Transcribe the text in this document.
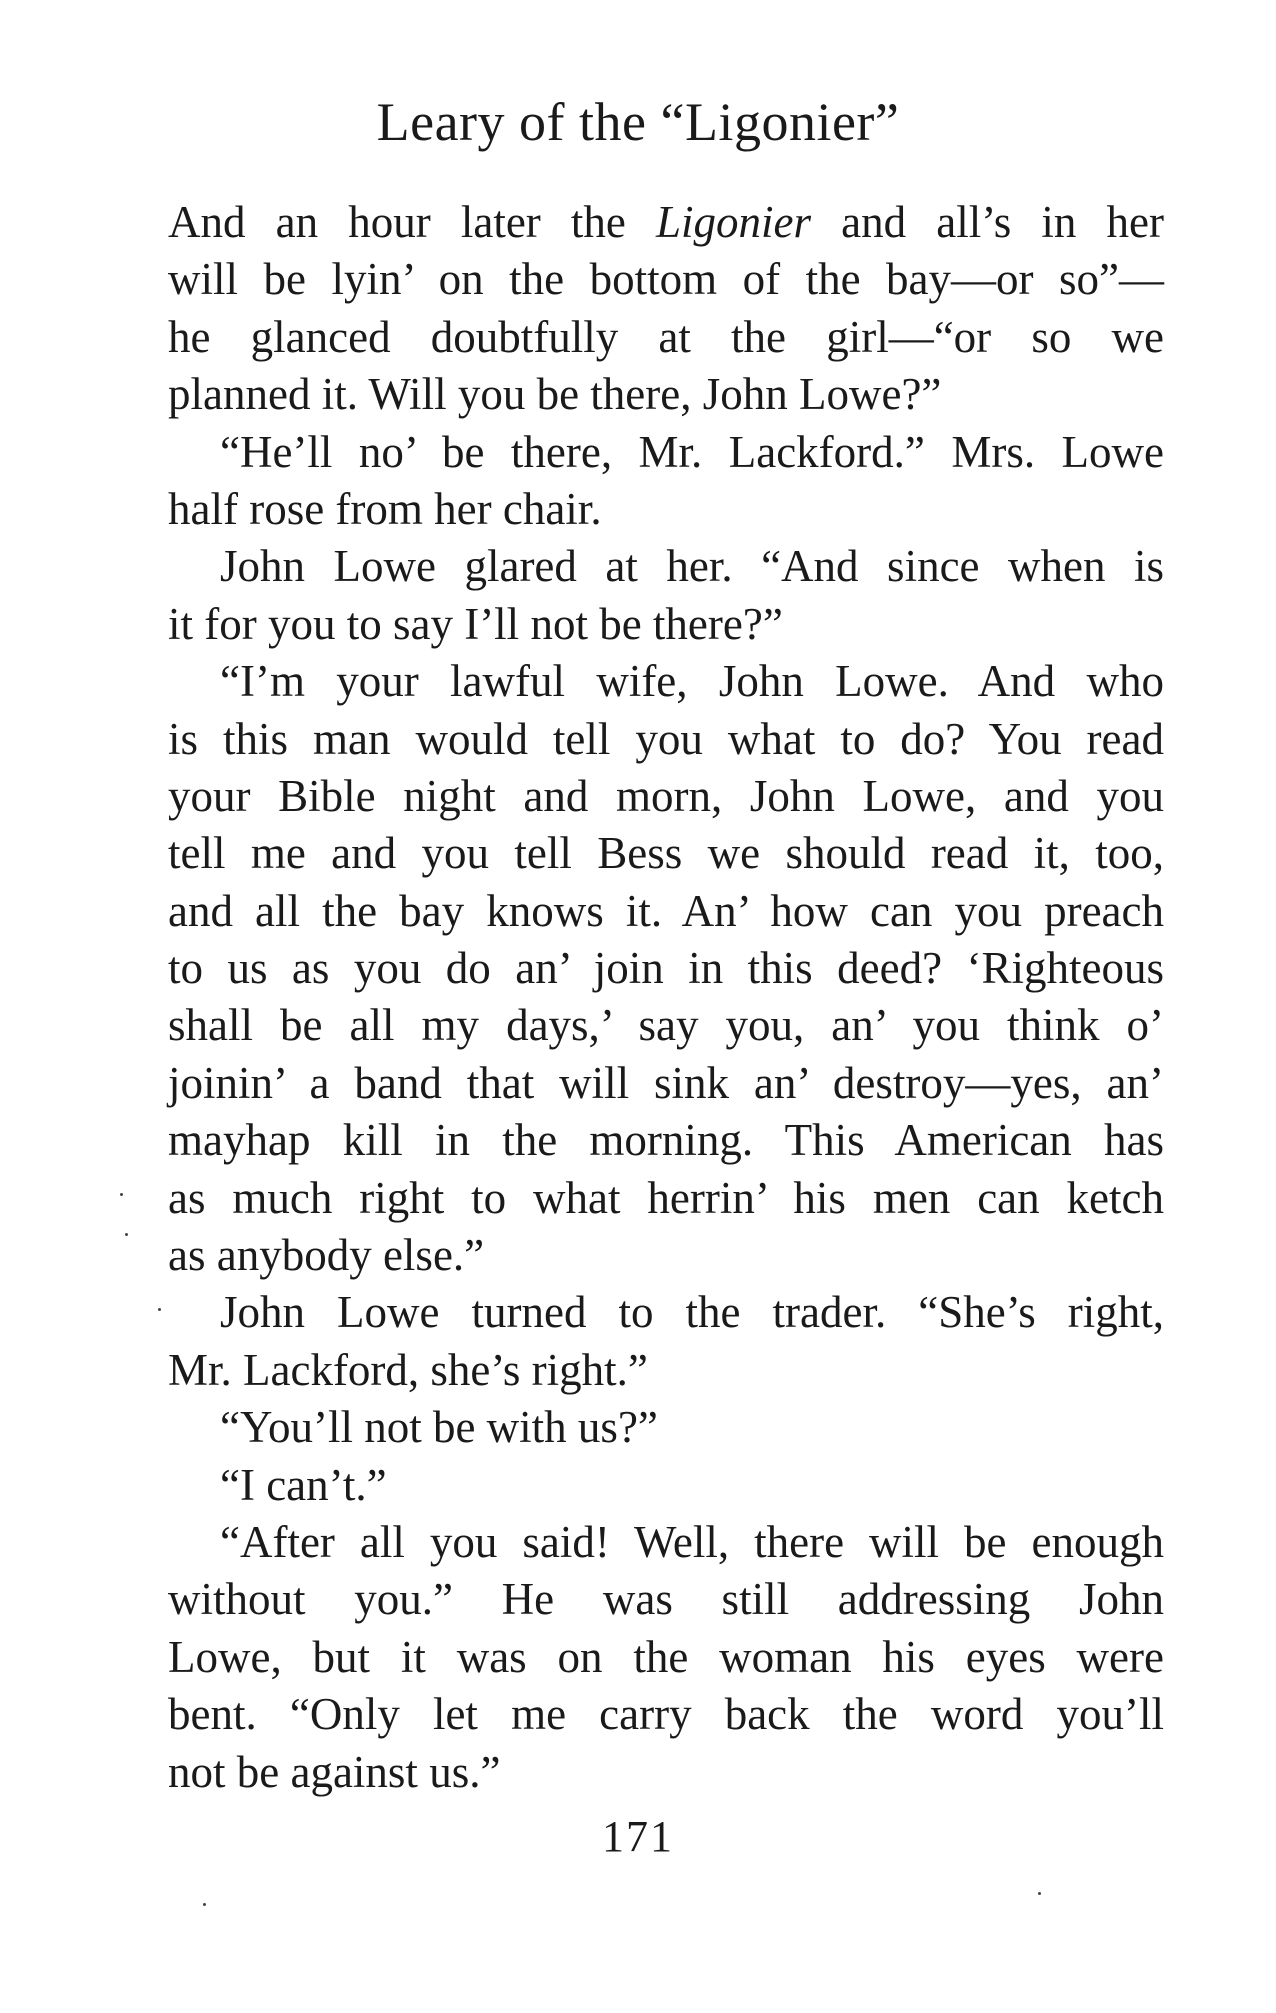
Leary of the “Ligonier”
And an hour later the Ligonier and all’s in her
will be lyin’ on the bottom of the bay—or so”—
he glanced doubtfully at the girl—“or so we
planned it. Will you be there, John Lowe?”
“He’ll no’ be there, Mr. Lackford.” Mrs. Lowe
half rose from her chair.
John Lowe glared at her. “And since when is
it for you to say I’ll not be there?”
“I’m your lawful wife, John Lowe. And who
is this man would tell you what to do? You read
your Bible night and morn, John Lowe, and you
tell me and you tell Bess we should read it, too,
and all the bay knows it. An’ how can you preach
to us as you do an’ join in this deed? ‘Righteous
shall be all my days,’ say you, an’ you think o’
joinin’ a band that will sink an’ destroy—yes, an’
mayhap kill in the morning. This American has
as much right to what herrin’ his men can ketch
as anybody else.”
John Lowe turned to the trader. “She’s right,
Mr. Lackford, she’s right.”
“You’ll not be with us?”
“I can’t.”
“After all you said! Well, there will be enough
without you.” He was still addressing John
Lowe, but it was on the woman his eyes were
bent. “Only let me carry back the word you’ll
not be against us.”
171
